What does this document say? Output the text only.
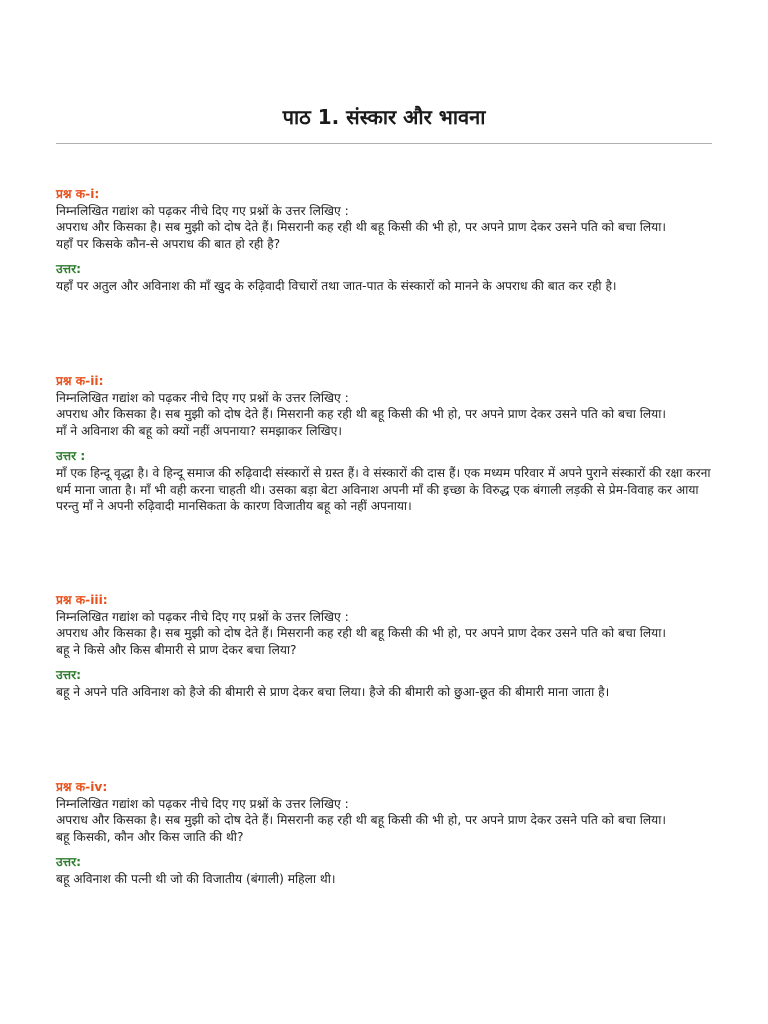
पाठ 1. संस्कार और भावना
प्रश्न क-i:
निम्नलिखित गद्यांश को पढ़कर नीचे दिए गए प्रश्नों के उत्तर लिखिए :
अपराध और किसका है। सब मुझी को दोष देते हैं। मिसरानी कह रही थी बहू किसी की भी हो, पर अपने प्राण देकर उसने पति को बचा लिया।
यहाँ पर किसके कौन-से अपराध की बात हो रही है?
उत्तर:
यहाँ पर अतुल और अविनाश की माँ खुद के रुढ़िवादी विचारों तथा जात-पात के संस्कारों को मानने के अपराध की बात कर रही है।
प्रश्न क-ii:
निम्नलिखित गद्यांश को पढ़कर नीचे दिए गए प्रश्नों के उत्तर लिखिए :
अपराध और किसका है। सब मुझी को दोष देते हैं। मिसरानी कह रही थी बहू किसी की भी हो, पर अपने प्राण देकर उसने पति को बचा लिया।
माँ ने अविनाश की बहू को क्यों नहीं अपनाया? समझाकर लिखिए।
उत्तर :
माँ एक हिन्दू वृद्धा है। वे हिन्दू समाज की रुढ़िवादी संस्कारों से ग्रस्त हैं। वे संस्कारों की दास हैं। एक मध्यम परिवार में अपने पुराने संस्कारों की रक्षा करना धर्म माना जाता है। माँ भी वही करना चाहती थी। उसका बड़ा बेटा अविनाश अपनी माँ की इच्छा के विरुद्ध एक बंगाली लड़की से प्रेम-विवाह कर आया परन्तु माँ ने अपनी रुढ़िवादी मानसिकता के कारण विजातीय बहू को नहीं अपनाया।
प्रश्न क-iii:
निम्नलिखित गद्यांश को पढ़कर नीचे दिए गए प्रश्नों के उत्तर लिखिए :
अपराध और किसका है। सब मुझी को दोष देते हैं। मिसरानी कह रही थी बहू किसी की भी हो, पर अपने प्राण देकर उसने पति को बचा लिया।
बहू ने किसे और किस बीमारी से प्राण देकर बचा लिया?
उत्तर:
बहू ने अपने पति अविनाश को हैजे की बीमारी से प्राण देकर बचा लिया। हैजे की बीमारी को छुआ-छूत की बीमारी माना जाता है।
प्रश्न क-iv:
निम्नलिखित गद्यांश को पढ़कर नीचे दिए गए प्रश्नों के उत्तर लिखिए :
अपराध और किसका है। सब मुझी को दोष देते हैं। मिसरानी कह रही थी बहू किसी की भी हो, पर अपने प्राण देकर उसने पति को बचा लिया।
बहू किसकी, कौन और किस जाति की थी?
उत्तर:
बहू अविनाश की पत्नी थी जो की विजातीय (बंगाली) महिला थी।
